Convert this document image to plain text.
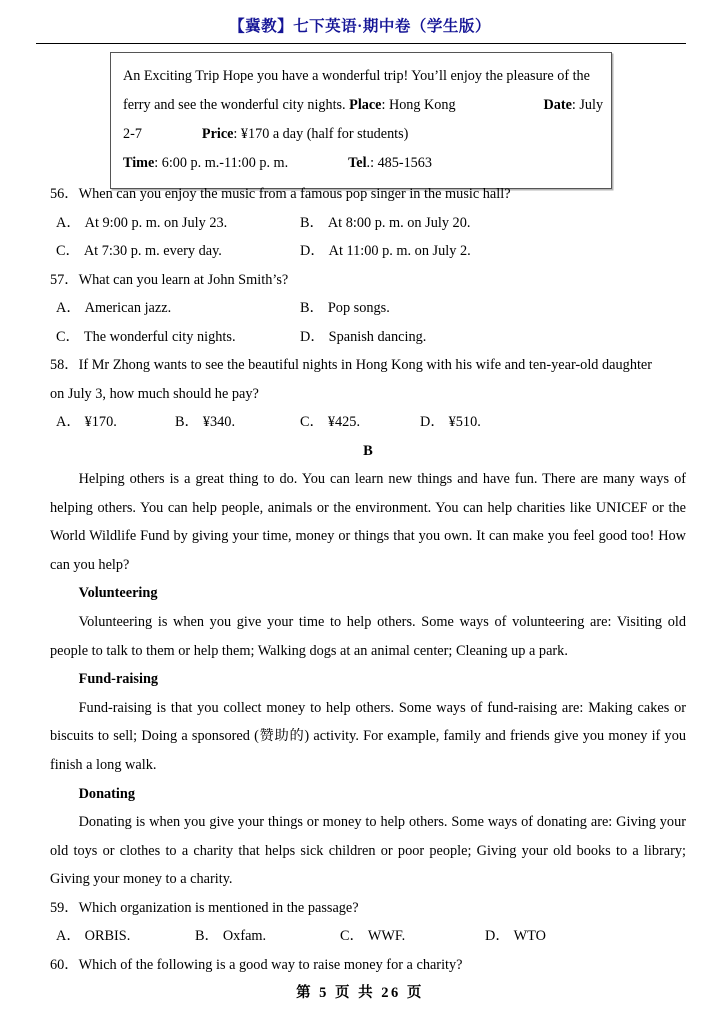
【冀教】七下英语·期中卷（学生版）
An Exciting Trip Hope you have a wonderful trip! You’ll enjoy the pleasure of the
ferry and see the wonderful city nights. Place: Hong Kong	Date: July
2-7	Price: ¥170 a day (half for students)
Time: 6:00 p. m.-11:00 p. m.	Tel.: 485-1563
56．When can you enjoy the music from a famous pop singer in the music hall?
A． At 9:00 p. m. on July 23.	B． At 8:00 p. m. on July 20.
C． At 7:30 p. m. every day.	D． At 11:00 p. m. on July 2.
57．What can you learn at John Smith’s?
A． American jazz.	B． Pop songs.
C． The wonderful city nights.	D． Spanish dancing.
58．If Mr Zhong wants to see the beautiful nights in Hong Kong with his wife and ten-year-old daughter
on July 3, how much should he pay?
A． ¥170.	B． ¥340.	C． ¥425.	D． ¥510.
B

Helping others is a great thing to do. You can learn new things and have fun. There are many ways of helping others. You can help people, animals or the environment. You can help charities like UNICEF or the World Wildlife Fund by giving your time, money or things that you own. It can make you feel good too! How can you help?

Volunteering

Volunteering is when you give your time to help others. Some ways of volunteering are: Visiting old people to talk to them or help them; Walking dogs at an animal center; Cleaning up a park.

Fund-raising

Fund-raising is that you collect money to help others. Some ways of fund-raising are: Making cakes or biscuits to sell; Doing a sponsored (赞助的) activity. For example, family and friends give you money if you finish a long walk.

Donating

Donating is when you give your things or money to help others. Some ways of donating are: Giving your old toys or clothes to a charity that helps sick children or poor people; Giving your old books to a library; Giving your money to a charity.

59．Which organization is mentioned in the passage?
A． ORBIS.	B． Oxfam.	C． WWF.	D． WTO
60．Which of the following is a good way to raise money for a charity?
第 5 页 共 26 页
